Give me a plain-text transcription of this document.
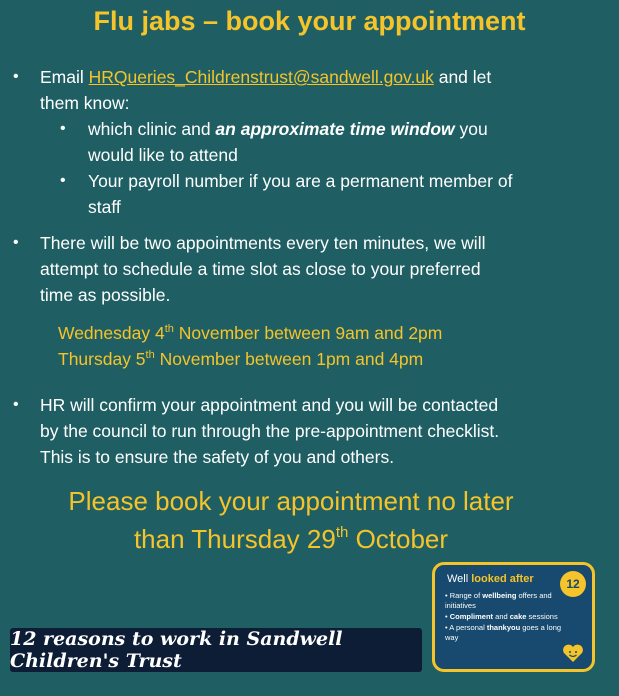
Flu jabs – book your appointment
• Email HRQueries_Childrenstrust@sandwell.gov.uk and let
them know:
• which clinic and an approximate time window you
would like to attend
• Your payroll number if you are a permanent member of
staff
• There will be two appointments every ten minutes, we will
attempt to schedule a time slot as close to your preferred
time as possible.
Wednesday 4th November between 9am and 2pm
Thursday 5th November between 1pm and 4pm
• HR will confirm your appointment and you will be contacted
by the council to run through the pre-appointment checklist.
This is to ensure the safety of you and others.
Please book your appointment no later
than Thursday 29th October
12 reasons to work in Sandwell Children's Trust
Well looked after	12
• Range of wellbeing offers and initiatives
• Compliment and cake sessions
• A personal thankyou goes a long way
